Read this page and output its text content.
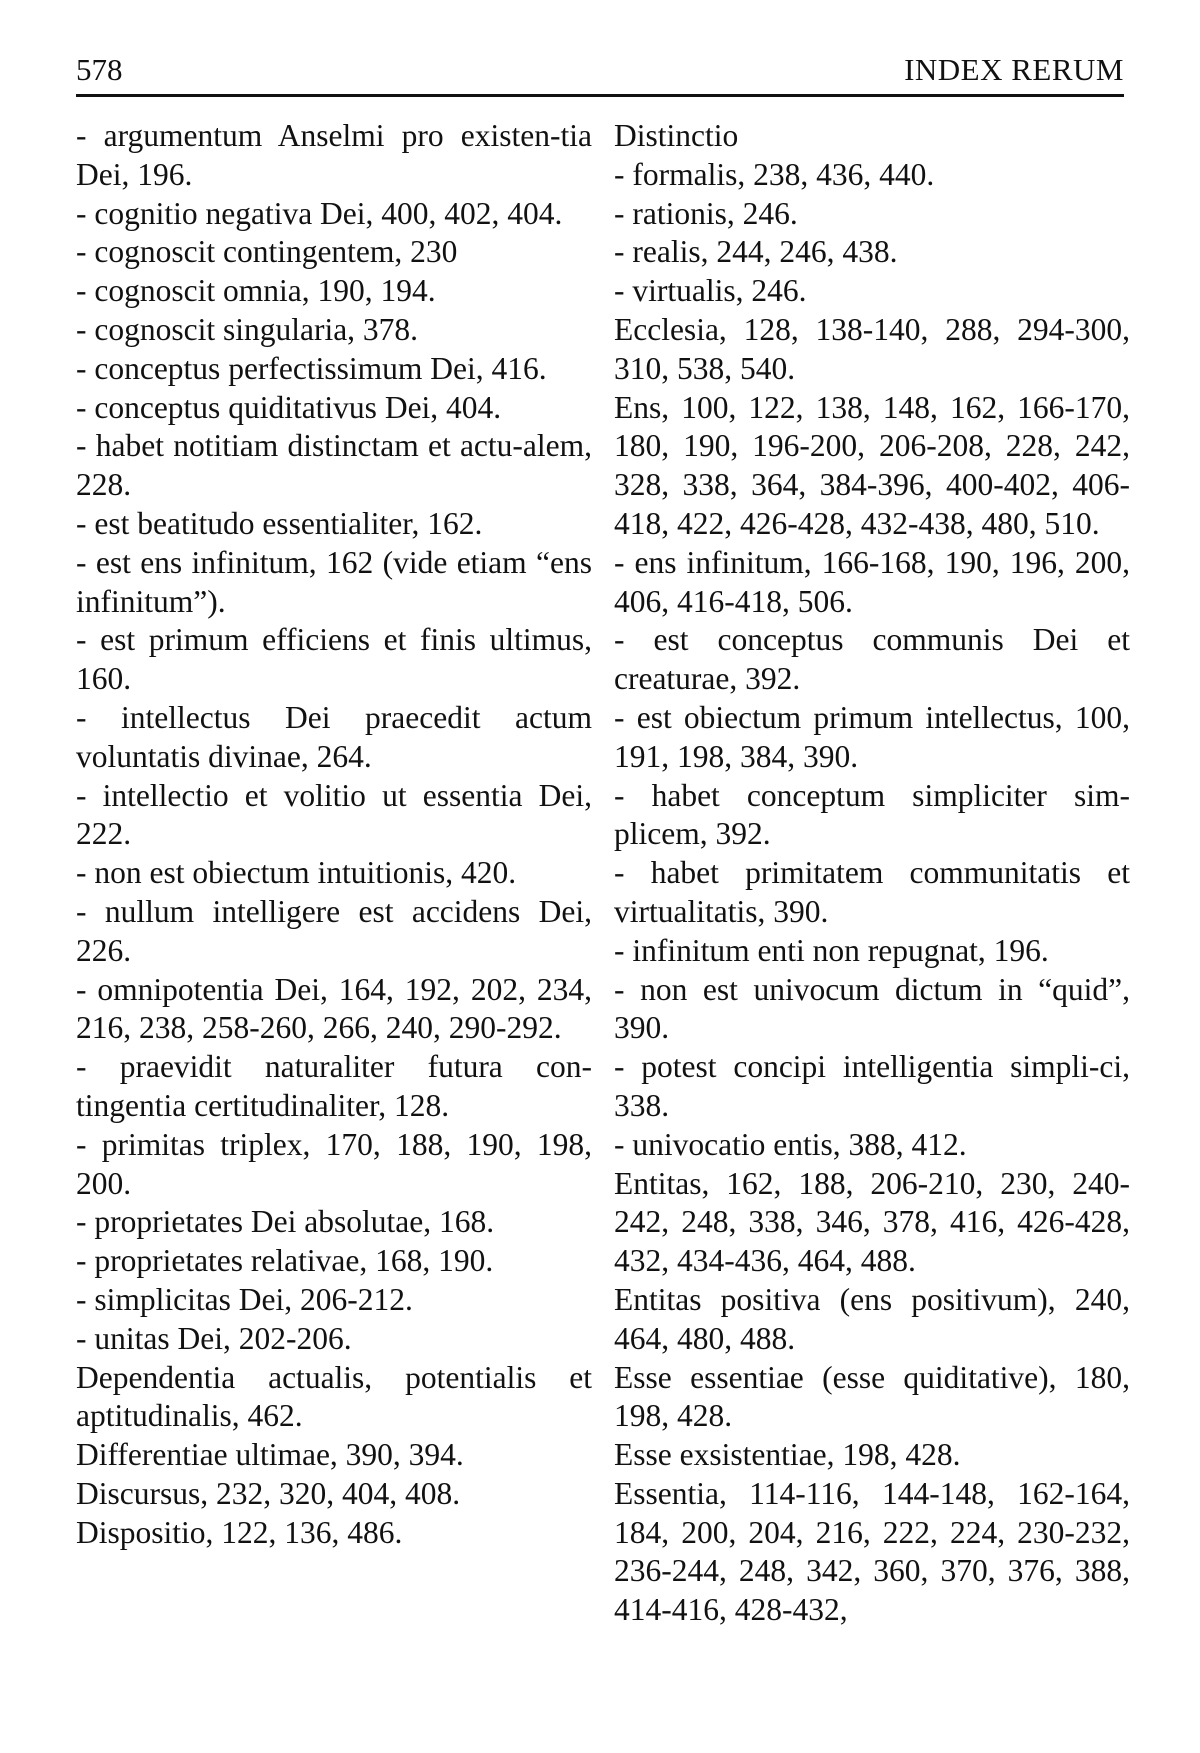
578	INDEX RERUM

- argumentum Anselmi pro existen-tia Dei, 196.

- cognitio negativa Dei, 400, 402, 404.

- cognoscit contingentem, 230

- cognoscit omnia, 190, 194.

- cognoscit singularia, 378.

- conceptus perfectissimum Dei, 416.

- conceptus quiditativus Dei, 404.

- habet notitiam distinctam et actu-alem, 228.

- est beatitudo essentialiter, 162.

- est ens infinitum, 162 (vide etiam “ens infinitum”).

- est primum efficiens et finis ultimus, 160.

- intellectus Dei praecedit actum voluntatis divinae, 264.

- intellectio et volitio ut essentia Dei, 222.

- non est obiectum intuitionis, 420.

- nullum intelligere est accidens Dei, 226.

- omnipotentia Dei, 164, 192, 202, 234, 216, 238, 258-260, 266, 240, 290-292.

- praevidit naturaliter futura con-tingentia certitudinaliter, 128.

- primitas triplex, 170, 188, 190, 198, 200.

- proprietates Dei absolutae, 168.

- proprietates relativae, 168, 190.

- simplicitas Dei, 206-212.

- unitas Dei, 202-206.

Dependentia actualis, potentialis et aptitudinalis, 462.

Differentiae ultimae, 390, 394.

Discursus, 232, 320, 404, 408.

Dispositio, 122, 136, 486.

Distinctio

- formalis, 238, 436, 440.

- rationis, 246.

- realis, 244, 246, 438.

- virtualis, 246.

Ecclesia, 128, 138-140, 288, 294-300, 310, 538, 540.

Ens, 100, 122, 138, 148, 162, 166-170, 180, 190, 196-200, 206-208, 228, 242, 328, 338, 364, 384-396, 400-402, 406-418, 422, 426-428, 432-438, 480, 510.

- ens infinitum, 166-168, 190, 196, 200, 406, 416-418, 506.

- est conceptus communis Dei et creaturae, 392.

- est obiectum primum intellectus, 100, 191, 198, 384, 390.

- habet conceptum simpliciter sim-plicem, 392.

- habet primitatem communitatis et virtualitatis, 390.

- infinitum enti non repugnat, 196.

- non est univocum dictum in “quid”, 390.

- potest concipi intelligentia simpli-ci, 338.

- univocatio entis, 388, 412.

Entitas, 162, 188, 206-210, 230, 240-242, 248, 338, 346, 378, 416, 426-428, 432, 434-436, 464, 488.

Entitas positiva (ens positivum), 240, 464, 480, 488.

Esse essentiae (esse quiditative), 180, 198, 428.

Esse exsistentiae, 198, 428.

Essentia, 114-116, 144-148, 162-164, 184, 200, 204, 216, 222, 224, 230-232, 236-244, 248, 342, 360, 370, 376, 388, 414-416, 428-432,
